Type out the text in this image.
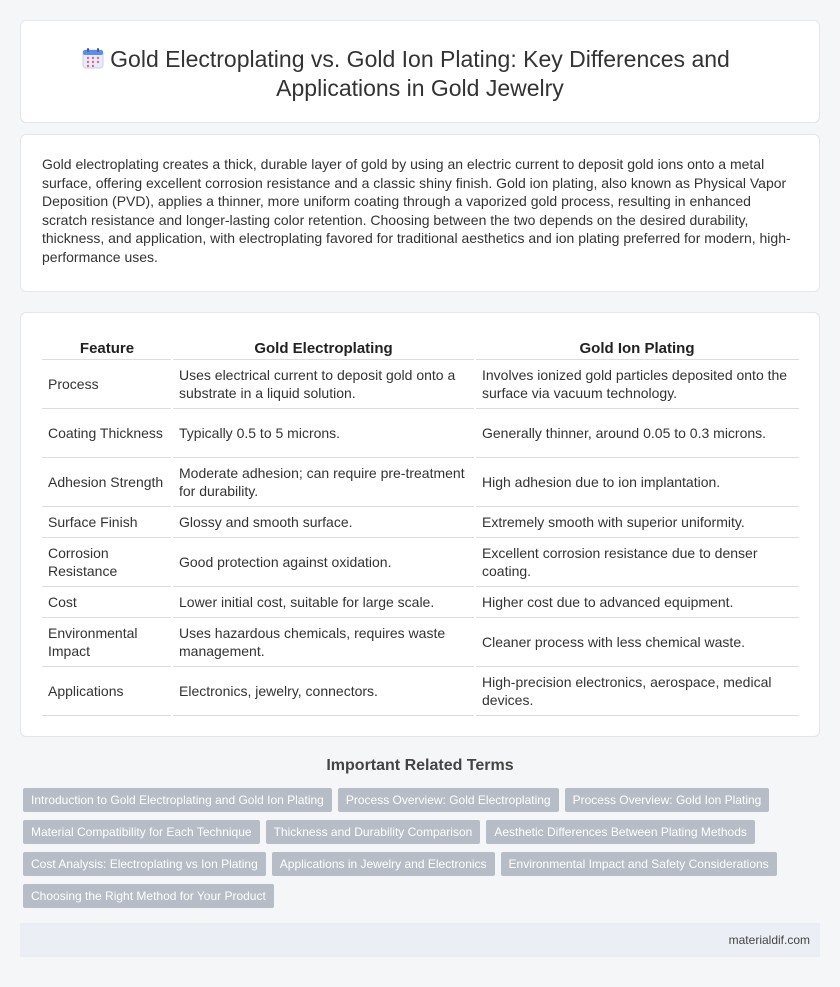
Gold Electroplating vs. Gold Ion Plating: Key Differences and Applications in Gold Jewelry

Gold electroplating creates a thick, durable layer of gold by using an electric current to deposit gold ions onto a metal surface, offering excellent corrosion resistance and a classic shiny finish. Gold ion plating, also known as Physical Vapor Deposition (PVD), applies a thinner, more uniform coating through a vaporized gold process, resulting in enhanced scratch resistance and longer-lasting color retention. Choosing between the two depends on the desired durability, thickness, and application, with electroplating favored for traditional aesthetics and ion plating preferred for modern, high-performance uses.

Feature	Gold Electroplating	Gold Ion Plating
Process	Uses electrical current to deposit gold onto a substrate in a liquid solution.	Involves ionized gold particles deposited onto the surface via vacuum technology.
Coating Thickness	Typically 0.5 to 5 microns.	Generally thinner, around 0.05 to 0.3 microns.
Adhesion Strength	Moderate adhesion; can require pre-treatment for durability.	High adhesion due to ion implantation.
Surface Finish	Glossy and smooth surface.	Extremely smooth with superior uniformity.
Corrosion Resistance	Good protection against oxidation.	Excellent corrosion resistance due to denser coating.
Cost	Lower initial cost, suitable for large scale.	Higher cost due to advanced equipment.
Environmental Impact	Uses hazardous chemicals, requires waste management.	Cleaner process with less chemical waste.
Applications	Electronics, jewelry, connectors.	High-precision electronics, aerospace, medical devices.
Important Related Terms
Introduction to Gold Electroplating and Gold Ion Plating Process Overview: Gold Electroplating Process Overview: Gold Ion Plating
Material Compatibility for Each Technique Thickness and Durability Comparison Aesthetic Differences Between Plating Methods
Cost Analysis: Electroplating vs Ion Plating Applications in Jewelry and Electronics Environmental Impact and Safety Considerations
Choosing the Right Method for Your Product
materialdif.com
